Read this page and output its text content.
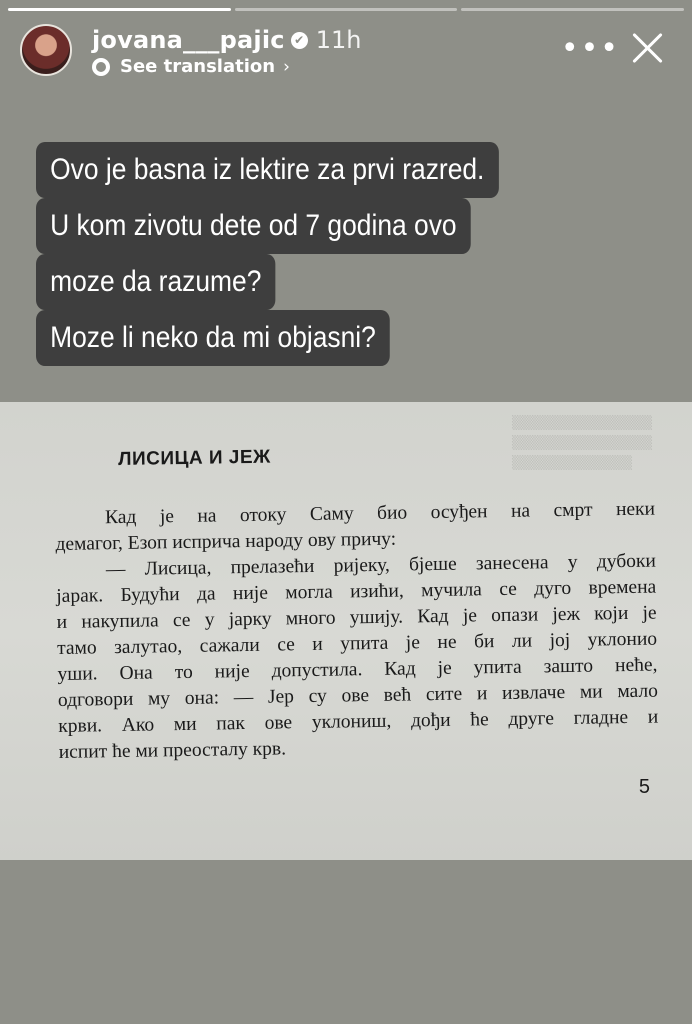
jovana___pajic ✔ 11h
See translation ›
•••
Ovo je basna iz lektire za prvi razred.
U kom zivotu dete od 7 godina ovo
moze da razume?
Moze li neko da mi objasni?
▒▒▒▒▒▒▒▒▒▒▒▒▒▒
▒▒▒▒▒▒▒▒▒▒▒▒▒▒
▒▒▒▒▒▒▒▒▒▒▒▒
ЛИСИЦА И ЈЕЖ

Кад је на отоку Саму био осуђен на смрт неки

демагог, Езоп исприча народу ову причу:

— Лисица, прелазећи ријеку, бјеше занесена у дубоки

јарак. Будући да није могла изићи, мучила се дуго времена

и накупила се у јарку много ушију. Кад је опази јеж који је

тамо залутао, сажали се и упита је не би ли јој уклонио

уши. Она то није допустила. Кад је упита зашто неће,

одговори му она: — Јер су ове већ сите и извлаче ми мало

крви. Ако ми пак ове уклониш, дођи ће друге гладне и

испит ће ми преосталу крв.

5
